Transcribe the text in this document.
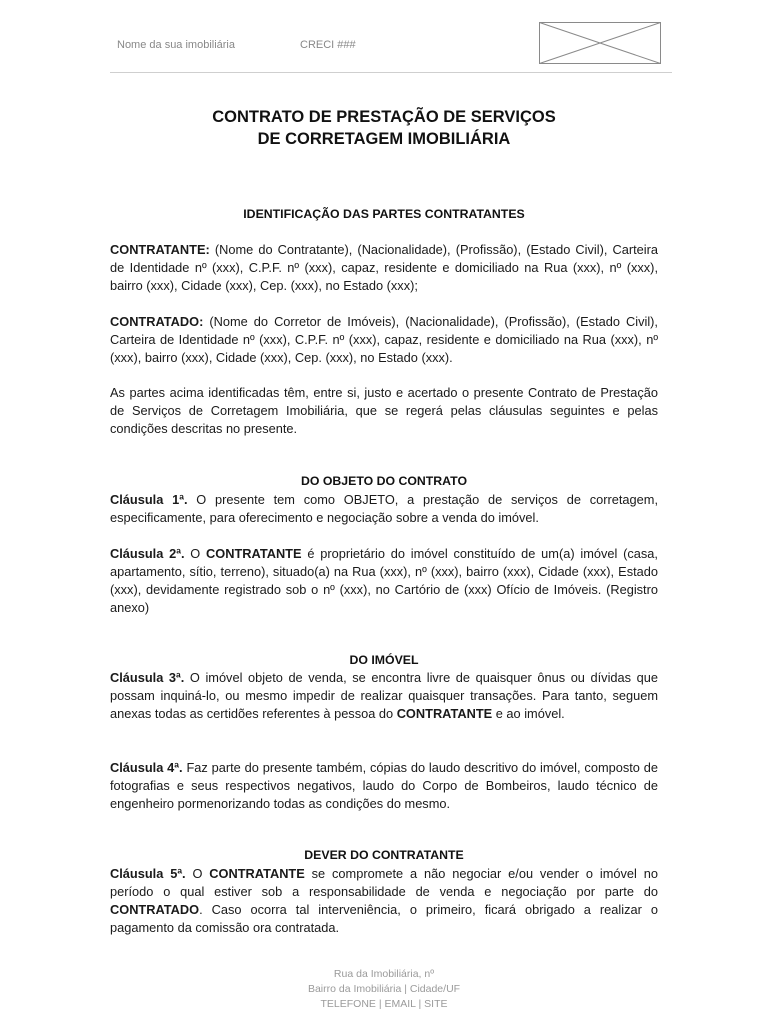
Nome da sua imobiliária	CRECI ###
CONTRATO DE PRESTAÇÃO DE SERVIÇOS
DE CORRETAGEM IMOBILIÁRIA
IDENTIFICAÇÃO DAS PARTES CONTRATANTES

CONTRATANTE: (Nome do Contratante), (Nacionalidade), (Profissão), (Estado Civil), Carteira de Identidade nº (xxx), C.P.F. nº (xxx), capaz, residente e domiciliado na Rua (xxx), nº (xxx), bairro (xxx), Cidade (xxx), Cep. (xxx), no Estado (xxx);

CONTRATADO: (Nome do Corretor de Imóveis), (Nacionalidade), (Profissão), (Estado Civil), Carteira de Identidade nº (xxx), C.P.F. nº (xxx), capaz, residente e domiciliado na Rua (xxx), nº (xxx), bairro (xxx), Cidade (xxx), Cep. (xxx), no Estado (xxx).

As partes acima identificadas têm, entre si, justo e acertado o presente Contrato de Prestação de Serviços de Corretagem Imobiliária, que se regerá pelas cláusulas seguintes e pelas condições descritas no presente.

DO OBJETO DO CONTRATO

Cláusula 1ª. O presente tem como OBJETO, a prestação de serviços de corretagem, especificamente, para oferecimento e negociação sobre a venda do imóvel.

Cláusula 2ª. O CONTRATANTE é proprietário do imóvel constituído de um(a) imóvel (casa, apartamento, sítio, terreno), situado(a) na Rua (xxx), nº (xxx), bairro (xxx), Cidade (xxx), Estado (xxx), devidamente registrado sob o nº (xxx), no Cartório de (xxx) Ofício de Imóveis. (Registro anexo)

DO IMÓVEL

Cláusula 3ª. O imóvel objeto de venda, se encontra livre de quaisquer ônus ou dívidas que possam inquiná-lo, ou mesmo impedir de realizar quaisquer transações. Para tanto, seguem anexas todas as certidões referentes à pessoa do CONTRATANTE e ao imóvel.

Cláusula 4ª. Faz parte do presente também, cópias do laudo descritivo do imóvel, composto de fotografias e seus respectivos negativos, laudo do Corpo de Bombeiros, laudo técnico de engenheiro pormenorizando todas as condições do mesmo.

DEVER DO CONTRATANTE

Cláusula 5ª. O CONTRATANTE se compromete a não negociar e/ou vender o imóvel no período o qual estiver sob a responsabilidade de venda e negociação por parte do CONTRATADO. Caso ocorra tal interveniência, o primeiro, ficará obrigado a realizar o pagamento da comissão ora contratada.

Rua da Imobiliária, nº
Bairro da Imobiliária | Cidade/UF
TELEFONE | EMAIL | SITE
